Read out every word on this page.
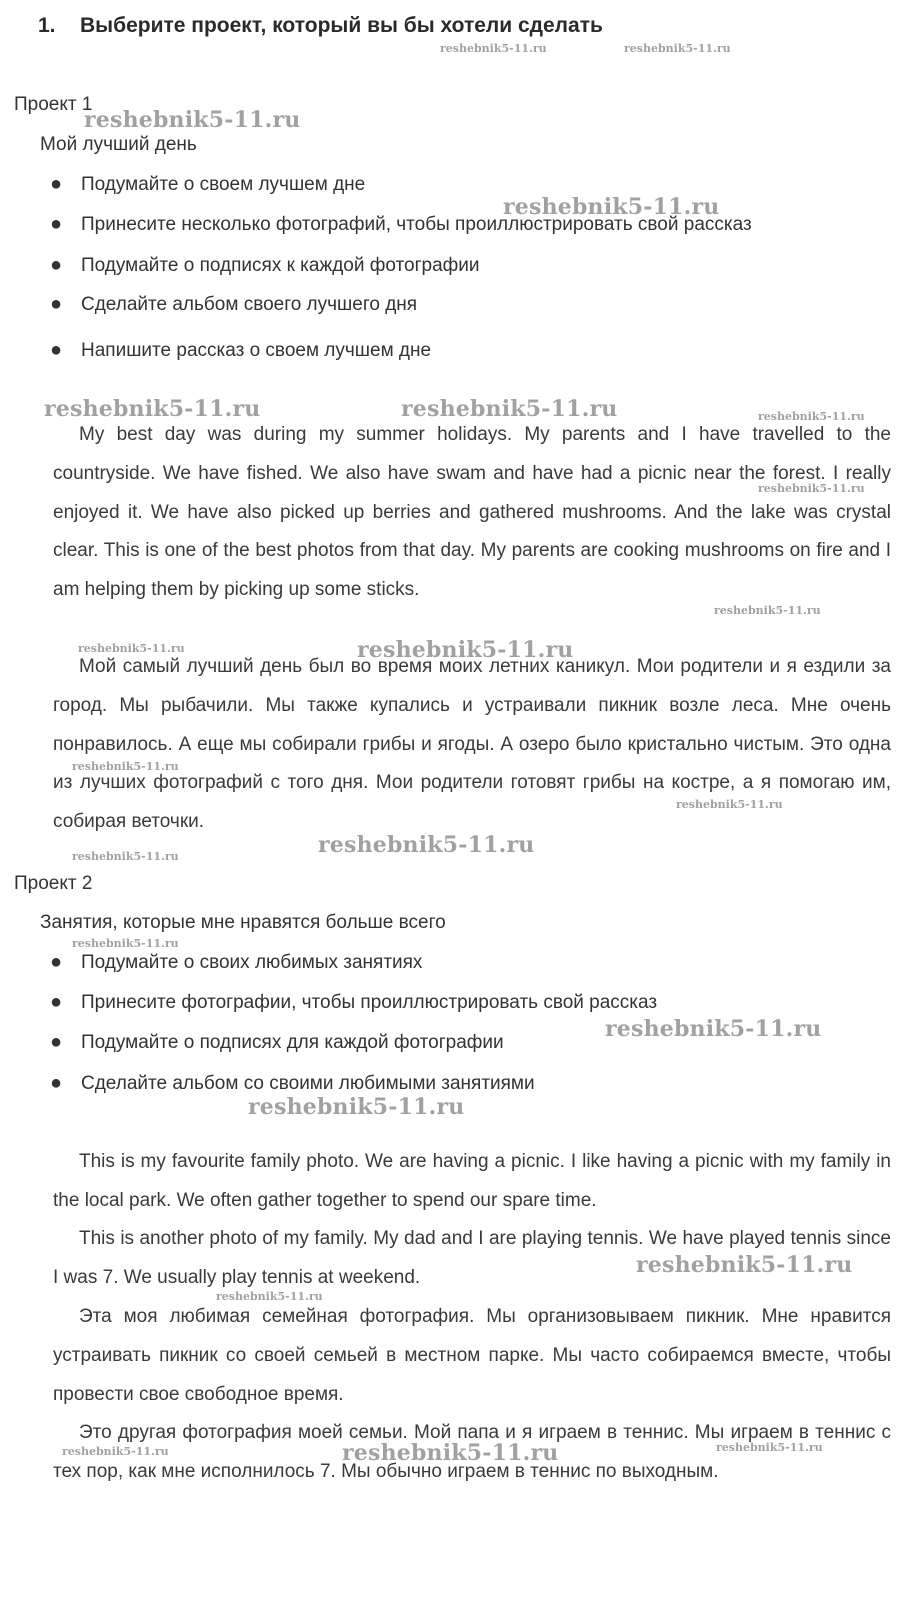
1. Выберите проект, который вы бы хотели сделать
Проект 1
Мой лучший день
● Подумайте о своем лучшем дне
● Принесите несколько фотографий, чтобы проиллюстрировать свой рассказ
● Подумайте о подписях к каждой фотографии
● Сделайте альбом своего лучшего дня
● Напишите рассказ о своем лучшем дне
My best day was during my summer holidays. My parents and I have travelled to the countryside. We have fished. We also have swam and have had a picnic near the forest. I really enjoyed it. We have also picked up berries and gathered mushrooms. And the lake was crystal clear. This is one of the best photos from that day. My parents are cooking mushrooms on fire and I am helping them by picking up some sticks.
Мой самый лучший день был во время моих летних каникул. Мои родители и я ездили за город. Мы рыбачили. Мы также купались и устраивали пикник возле леса. Мне очень понравилось. А еще мы собирали грибы и ягоды. А озеро было кристально чистым. Это одна из лучших фотографий с того дня. Мои родители готовят грибы на костре, а я помогаю им, собирая веточки.
Проект 2
Занятия, которые мне нравятся больше всего
● Подумайте о своих любимых занятиях
● Принесите фотографии, чтобы проиллюстрировать свой рассказ
● Подумайте о подписях для каждой фотографии
● Сделайте альбом со своими любимыми занятиями
This is my favourite family photo. We are having a picnic. I like having a picnic with my family in the local park. We often gather together to spend our spare time.
This is another photo of my family. My dad and I are playing tennis. We have played tennis since I was 7. We usually play tennis at weekend.
Эта моя любимая семейная фотография. Мы организовываем пикник. Мне нравится устраивать пикник со своей семьей в местном парке. Мы часто собираемся вместе, чтобы провести свое свободное время.
Это другая фотография моей семьи. Мой папа и я играем в теннис. Мы играем в теннис с тех пор, как мне исполнилось 7. Мы обычно играем в теннис по выходным.
reshebnik5-11.ru	reshebnik5-11.ru
reshebnik5-11.ru
reshebnik5-11.ru
reshebnik5-11.ru	reshebnik5-11.ru	reshebnik5-11.ru
reshebnik5-11.ru
reshebnik5-11.ru
reshebnik5-11.ru	reshebnik5-11.ru
reshebnik5-11.ru
reshebnik5-11.ru
reshebnik5-11.ru
reshebnik5-11.ru
reshebnik5-11.ru
reshebnik5-11.ru
reshebnik5-11.ru
reshebnik5-11.ru
reshebnik5-11.ru
reshebnik5-11.ru	reshebnik5-11.ru	reshebnik5-11.ru
